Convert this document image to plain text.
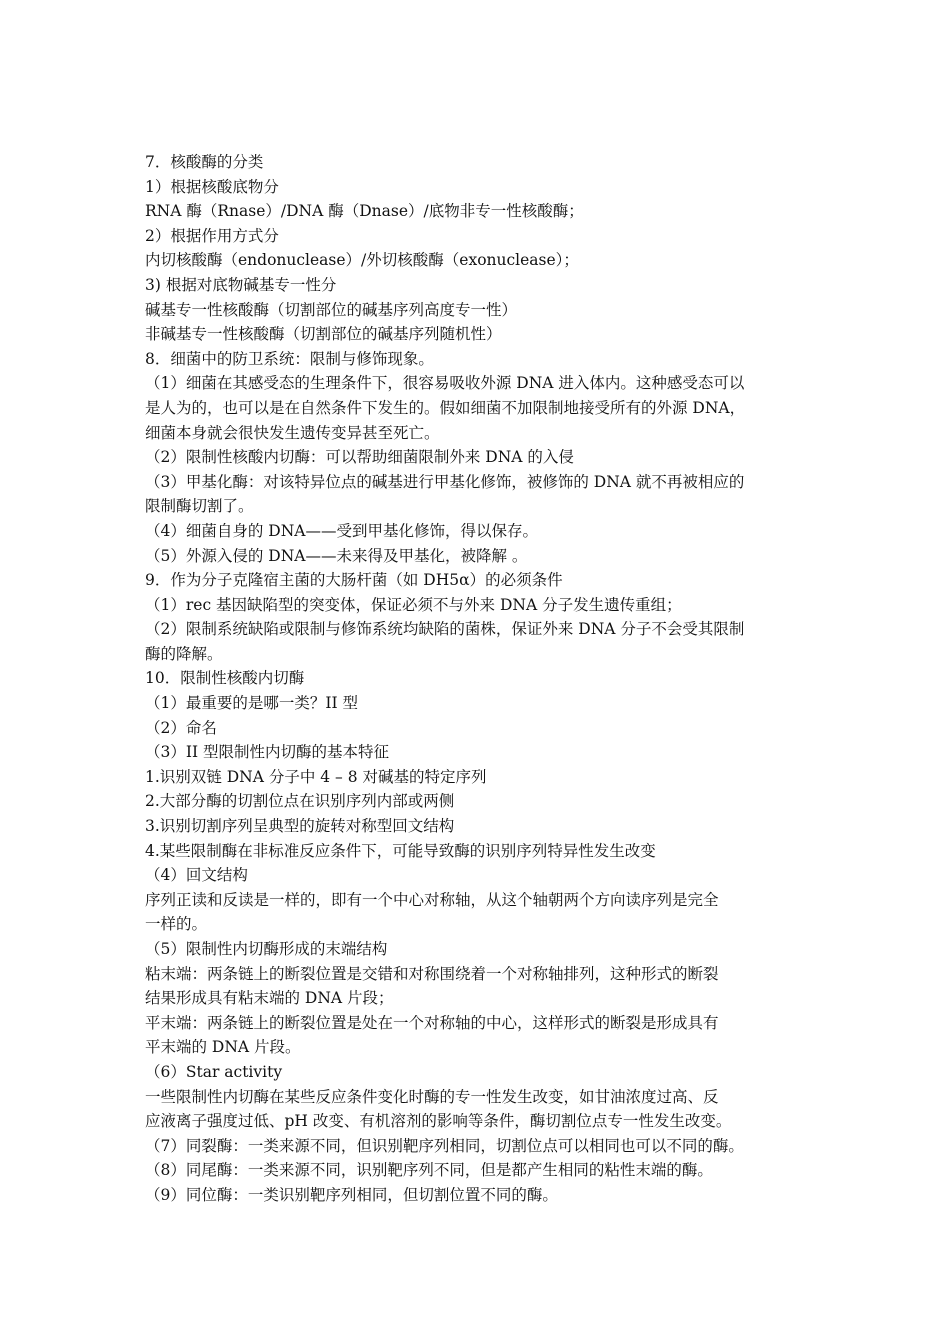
7．核酸酶的分类
1）根据核酸底物分
RNA 酶（Rnase）/DNA 酶（Dnase）/底物非专一性核酸酶；
2）根据作用方式分
内切核酸酶（endonuclease）/外切核酸酶（exonuclease）；
3) 根据对底物碱基专一性分
碱基专一性核酸酶（切割部位的碱基序列高度专一性）
非碱基专一性核酸酶（切割部位的碱基序列随机性）
8．细菌中的防卫系统：限制与修饰现象。
（1）细菌在其感受态的生理条件下，很容易吸收外源 DNA 进入体内。这种感受态可以
是人为的，也可以是在自然条件下发生的。假如细菌不加限制地接受所有的外源 DNA，
细菌本身就会很快发生遗传变异甚至死亡。
（2）限制性核酸内切酶：可以帮助细菌限制外来 DNA 的入侵
（3）甲基化酶：对该特异位点的碱基进行甲基化修饰，被修饰的 DNA 就不再被相应的
限制酶切割了。
（4）细菌自身的 DNA——受到甲基化修饰，得以保存。
（5）外源入侵的 DNA——未来得及甲基化，被降解 。
9．作为分子克隆宿主菌的大肠杆菌（如 DH5α）的必须条件
（1）rec 基因缺陷型的突变体，保证必须不与外来 DNA 分子发生遗传重组；
（2）限制系统缺陷或限制与修饰系统均缺陷的菌株，保证外来 DNA 分子不会受其限制
酶的降解。
10．限制性核酸内切酶
（1）最重要的是哪一类？II 型
（2）命名
（3）II 型限制性内切酶的基本特征
1.识别双链 DNA 分子中 4 – 8 对碱基的特定序列
2.大部分酶的切割位点在识别序列内部或两侧
3.识别切割序列呈典型的旋转对称型回文结构
4.某些限制酶在非标准反应条件下，可能导致酶的识别序列特异性发生改变
（4）回文结构
序列正读和反读是一样的，即有一个中心对称轴，从这个轴朝两个方向读序列是完全
一样的。
（5）限制性内切酶形成的末端结构
粘末端：两条链上的断裂位置是交错和对称围绕着一个对称轴排列，这种形式的断裂
结果形成具有粘末端的 DNA 片段；
平末端：两条链上的断裂位置是处在一个对称轴的中心，这样形式的断裂是形成具有
平末端的 DNA 片段。
（6）Star activity
一些限制性内切酶在某些反应条件变化时酶的专一性发生改变，如甘油浓度过高、反
应液离子强度过低、pH 改变、有机溶剂的影响等条件，酶切割位点专一性发生改变。
（7）同裂酶：一类来源不同，但识别靶序列相同，切割位点可以相同也可以不同的酶。
（8）同尾酶：一类来源不同，识别靶序列不同，但是都产生相同的粘性末端的酶。
（9）同位酶：一类识别靶序列相同，但切割位置不同的酶。
